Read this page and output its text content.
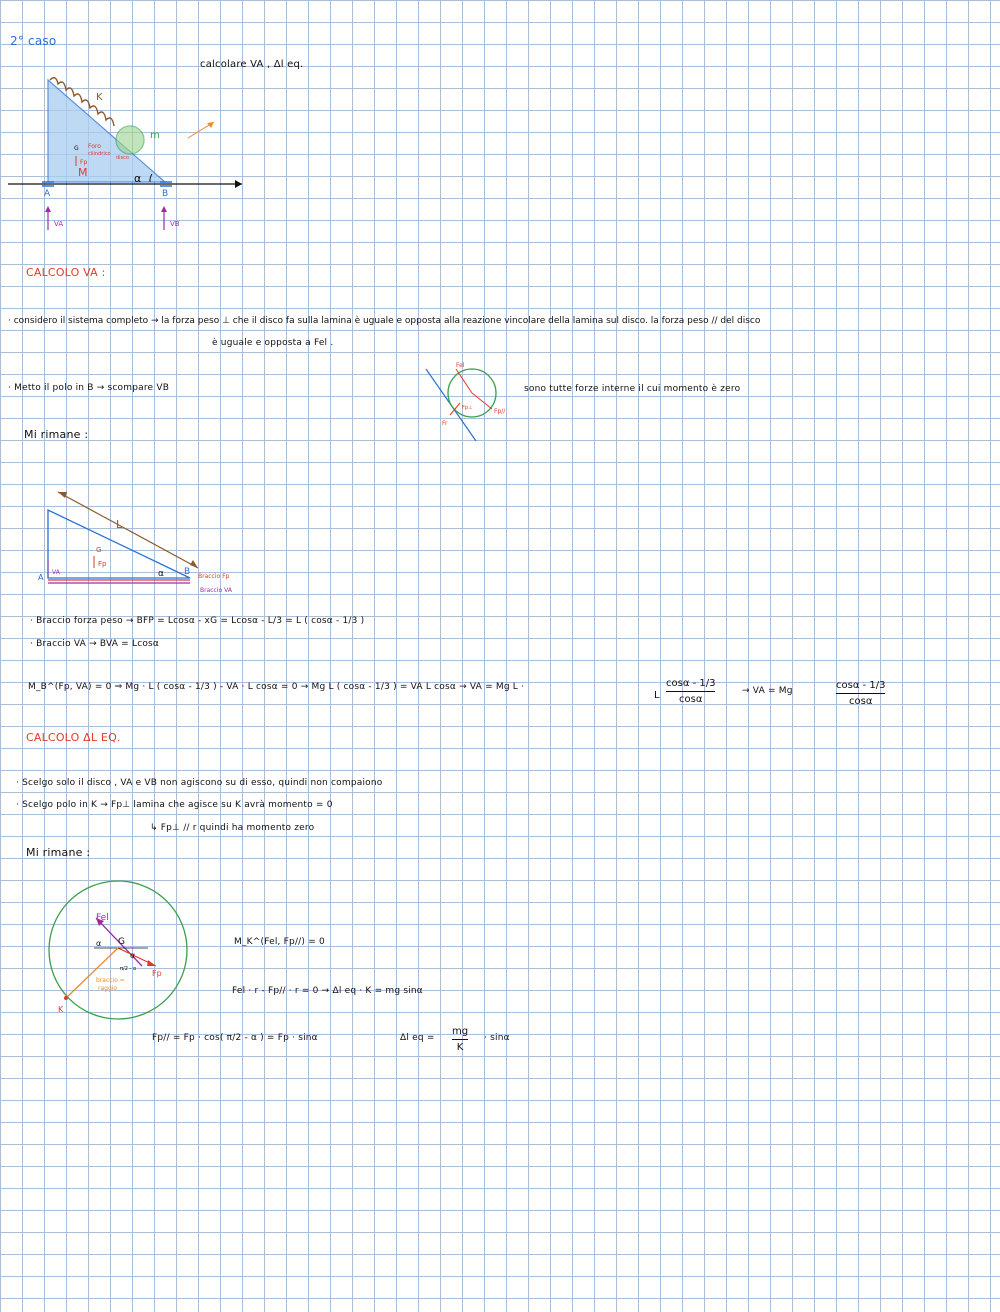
2° caso
calcolare VA , Δl eq.
K
m
Foro
cilindrico
disco
G
Fp
M	α
A	B
VA	VB
CALCOLO VA :
· considero il sistema completo → la forza peso ⊥ che il disco fa sulla lamina è uguale e opposta alla reazione vincolare della lamina sul disco. la forza peso // del disco
è uguale e opposta a Fel .
· Metto il polo in B → scompare VB	sono tutte forze interne il cui momento è zero
Mi rimane :
Fel
Fp//
Fr
Fp⊥
L
G
Fp
α B Braccio Fp
Braccio VA
A
VA
· Braccio forza peso → BFP = Lcosα - xG = Lcosα - L/3 = L ( cosα - 1/3 )
· Braccio VA → BVA = Lcosα
M_B^(Fp, VA) = 0 ⇒ Mg · L ( cosα - 1/3 ) - VA · L cosα = 0 → Mg L ( cosα - 1/3 ) = VA L cosα → VA = Mg L ·	cosα - 1/3
cosα
L	→ VA = Mg	cosα - 1/3
cosα
CALCOLO ΔL EQ.
· Scelgo solo il disco , VA e VB non agiscono su di esso, quindi non compaiono
· Scelgo polo in K → Fp⊥ lamina che agisce su K avrà momento = 0
↳ Fp⊥ // r quindi ha momento zero
Mi rimane :
Fel
Fp
G
α
α
π/2 - α
K
braccio =
raggio
M_K^(Fel, Fp//) = 0
Fel · r - Fp// · r = 0 → Δl eq · K = mg sinα
Fp// = Fp · cos( π/2 - α ) = Fp · sinα	Δl eq =
mg
K
· sinα
